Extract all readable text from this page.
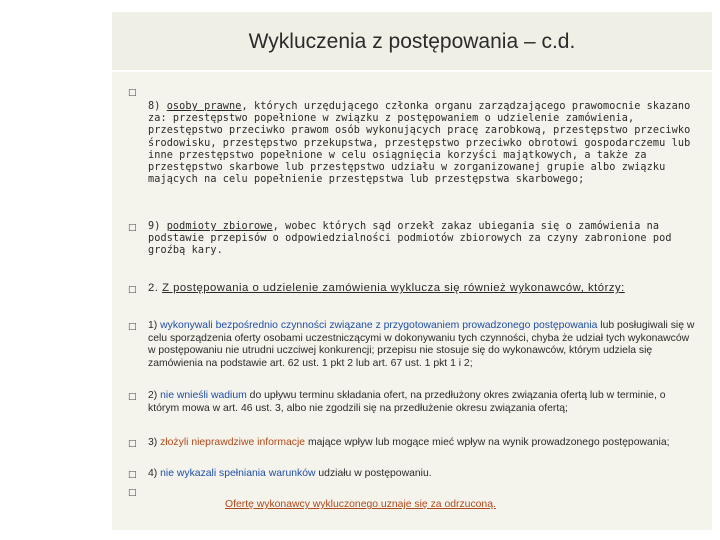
Wykluczenia z postępowania – c.d.
□
8) osoby prawne, których urzędującego członka organu zarządzającego prawomocnie skazano za: przestępstwo popełnione w związku z postępowaniem o udzielenie zamówienia, przestępstwo przeciwko prawom osób wykonujących pracę zarobkową, przestępstwo przeciwko środowisku, przestępstwo przekupstwa, przestępstwo przeciwko obrotowi gospodarczemu lub inne przestępstwo popełnione w celu osiągnięcia korzyści majątkowych, a także za przestępstwo skarbowe lub przestępstwo udziału w zorganizowanej grupie albo związku mających na celu popełnienie przestępstwa lub przestępstwa skarbowego;
□ 9) podmioty zbiorowe, wobec których sąd orzekł zakaz ubiegania się o zamówienia na podstawie przepisów o odpowiedzialności podmiotów zbiorowych za czyny zabronione pod groźbą kary.
□ 2. Z postępowania o udzielenie zamówienia wyklucza się również wykonawców, którzy:
□ 1) wykonywali bezpośrednio czynności związane z przygotowaniem prowadzonego postępowania lub posługiwali się w celu sporządzenia oferty osobami uczestniczącymi w dokonywaniu tych czynności, chyba że udział tych wykonawców w postępowaniu nie utrudni uczciwej konkurencji; przepisu nie stosuje się do wykonawców, którym udziela się zamówienia na podstawie art. 62 ust. 1 pkt 2 lub art. 67 ust. 1 pkt 1 i 2;
□ 2) nie wnieśli wadium do upływu terminu składania ofert, na przedłużony okres związania ofertą lub w terminie, o którym mowa w art. 46 ust. 3, albo nie zgodzili się na przedłużenie okresu związania ofertą;
□ 3) złożyli nieprawdziwe informacje mające wpływ lub mogące mieć wpływ na wynik prowadzonego postępowania;
□ 4) nie wykazali spełniania warunków udziału w postępowaniu.
□
Ofertę wykonawcy wykluczonego uznaje się za odrzuconą.
